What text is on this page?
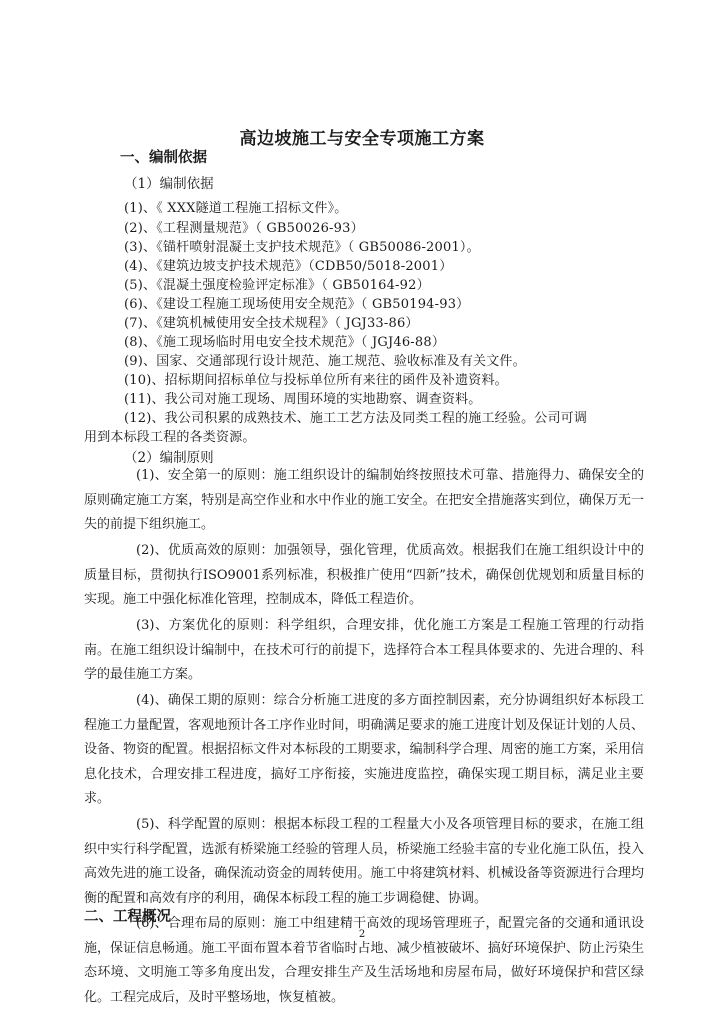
高边坡施工与安全专项施工方案
一、编制依据
（1）编制依据
(1)、《 XXX隧道工程施工招标文件》。
(2)、《工程测量规范》（ GB50026-93）
(3)、《锚杆喷射混凝土支护技术规范》（ GB50086-2001）。
(4)、《建筑边坡支护技术规范》（CDB50/5018-2001）
(5)、《混凝土强度检验评定标准》（ GB50164-92）
(6)、《建设工程施工现场使用安全规范》（ GB50194-93）
(7)、《建筑机械使用安全技术规程》（ JGJ33-86）
(8)、《施工现场临时用电安全技术规范》（ JGJ46-88）
(9)、国家、交通部现行设计规范、施工规范、验收标准及有关文件。
(10)、招标期间招标单位与投标单位所有来往的函件及补遗资料。
(11)、我公司对施工现场、周围环境的实地勘察、调查资料。
(12)、我公司积累的成熟技术、施工工艺方法及同类工程的施工经验。公司可调
用到本标段工程的各类资源。
（2）编制原则
(1)、安全第一的原则：施工组织设计的编制始终按照技术可靠、措施得力、确保安全的原则确定施工方案，特别是高空作业和水中作业的施工安全。在把安全措施落实到位，确保万无一失的前提下组织施工。
(2)、优质高效的原则：加强领导，强化管理，优质高效。根据我们在施工组织设计中的质量目标，贯彻执行ISO9001系列标准，积极推广使用“四新”技术，确保创优规划和质量目标的实现。施工中强化标准化管理，控制成本，降低工程造价。
(3)、方案优化的原则：科学组织，合理安排，优化施工方案是工程施工管理的行动指南。在施工组织设计编制中，在技术可行的前提下，选择符合本工程具体要求的、先进合理的、科学的最佳施工方案。
(4)、确保工期的原则：综合分析施工进度的多方面控制因素，充分协调组织好本标段工程施工力量配置，客观地预计各工序作业时间，明确满足要求的施工进度计划及保证计划的人员、设备、物资的配置。根据招标文件对本标段的工期要求，编制科学合理、周密的施工方案，采用信息化技术，合理安排工程进度，搞好工序衔接，实施进度监控，确保实现工期目标，满足业主要求。
(5)、科学配置的原则：根据本标段工程的工程量大小及各项管理目标的要求，在施工组织中实行科学配置，选派有桥梁施工经验的管理人员，桥梁施工经验丰富的专业化施工队伍，投入高效先进的施工设备，确保流动资金的周转使用。施工中将建筑材料、机械设备等资源进行合理均衡的配置和高效有序的利用，确保本标段工程的施工步调稳健、协调。
(6)、合理布局的原则：施工中组建精干高效的现场管理班子，配置完备的交通和通讯设施，保证信息畅通。施工平面布置本着节省临时占地、减少植被破坏、搞好环境保护、防止污染生态环境、文明施工等多角度出发，合理安排生产及生活场地和房屋布局，做好环境保护和营区绿化。工程完成后，及时平整场地，恢复植被。
2
二、工程概况
